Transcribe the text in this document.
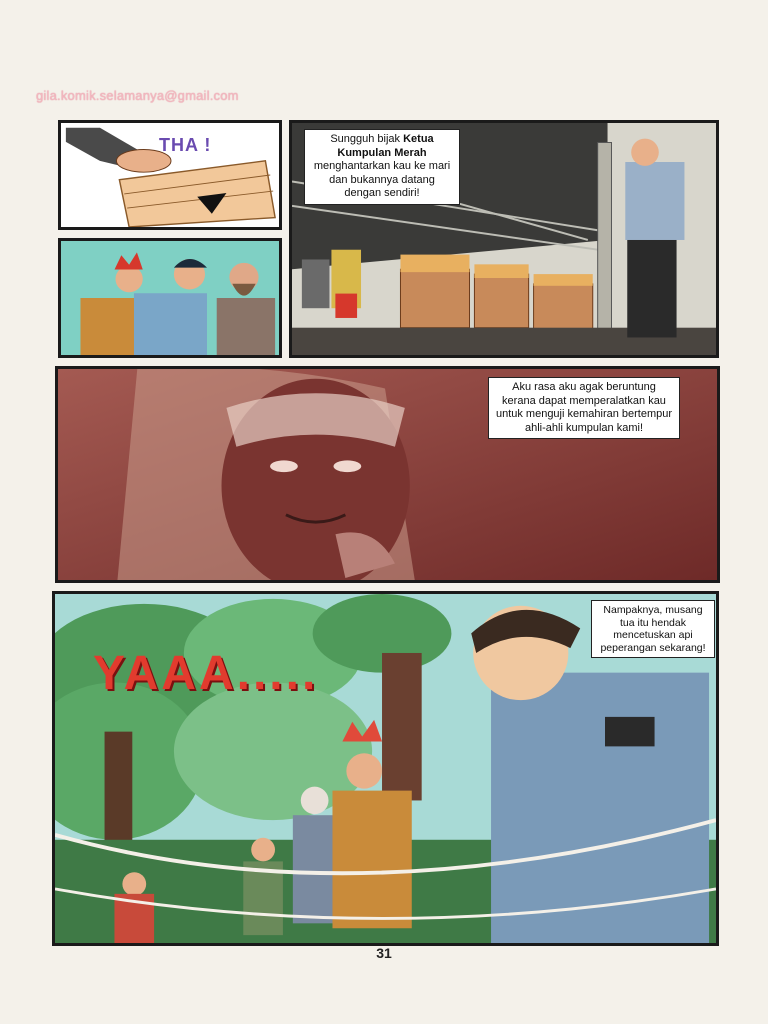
gila.komik.selamanya@gmail.com
THA !	Sungguh bijak Ketua Kumpulan Merah menghantarkan kau ke mari dan bukannya datang dengan sendiri!
Aku rasa aku agak beruntung kerana dapat memperalatkan kau untuk menguji kemahiran bertempur ahli-ahli kumpulan kami!
YAAA.....
Nampaknya, musang tua itu hendak mencetuskan api peperangan sekarang!
31
